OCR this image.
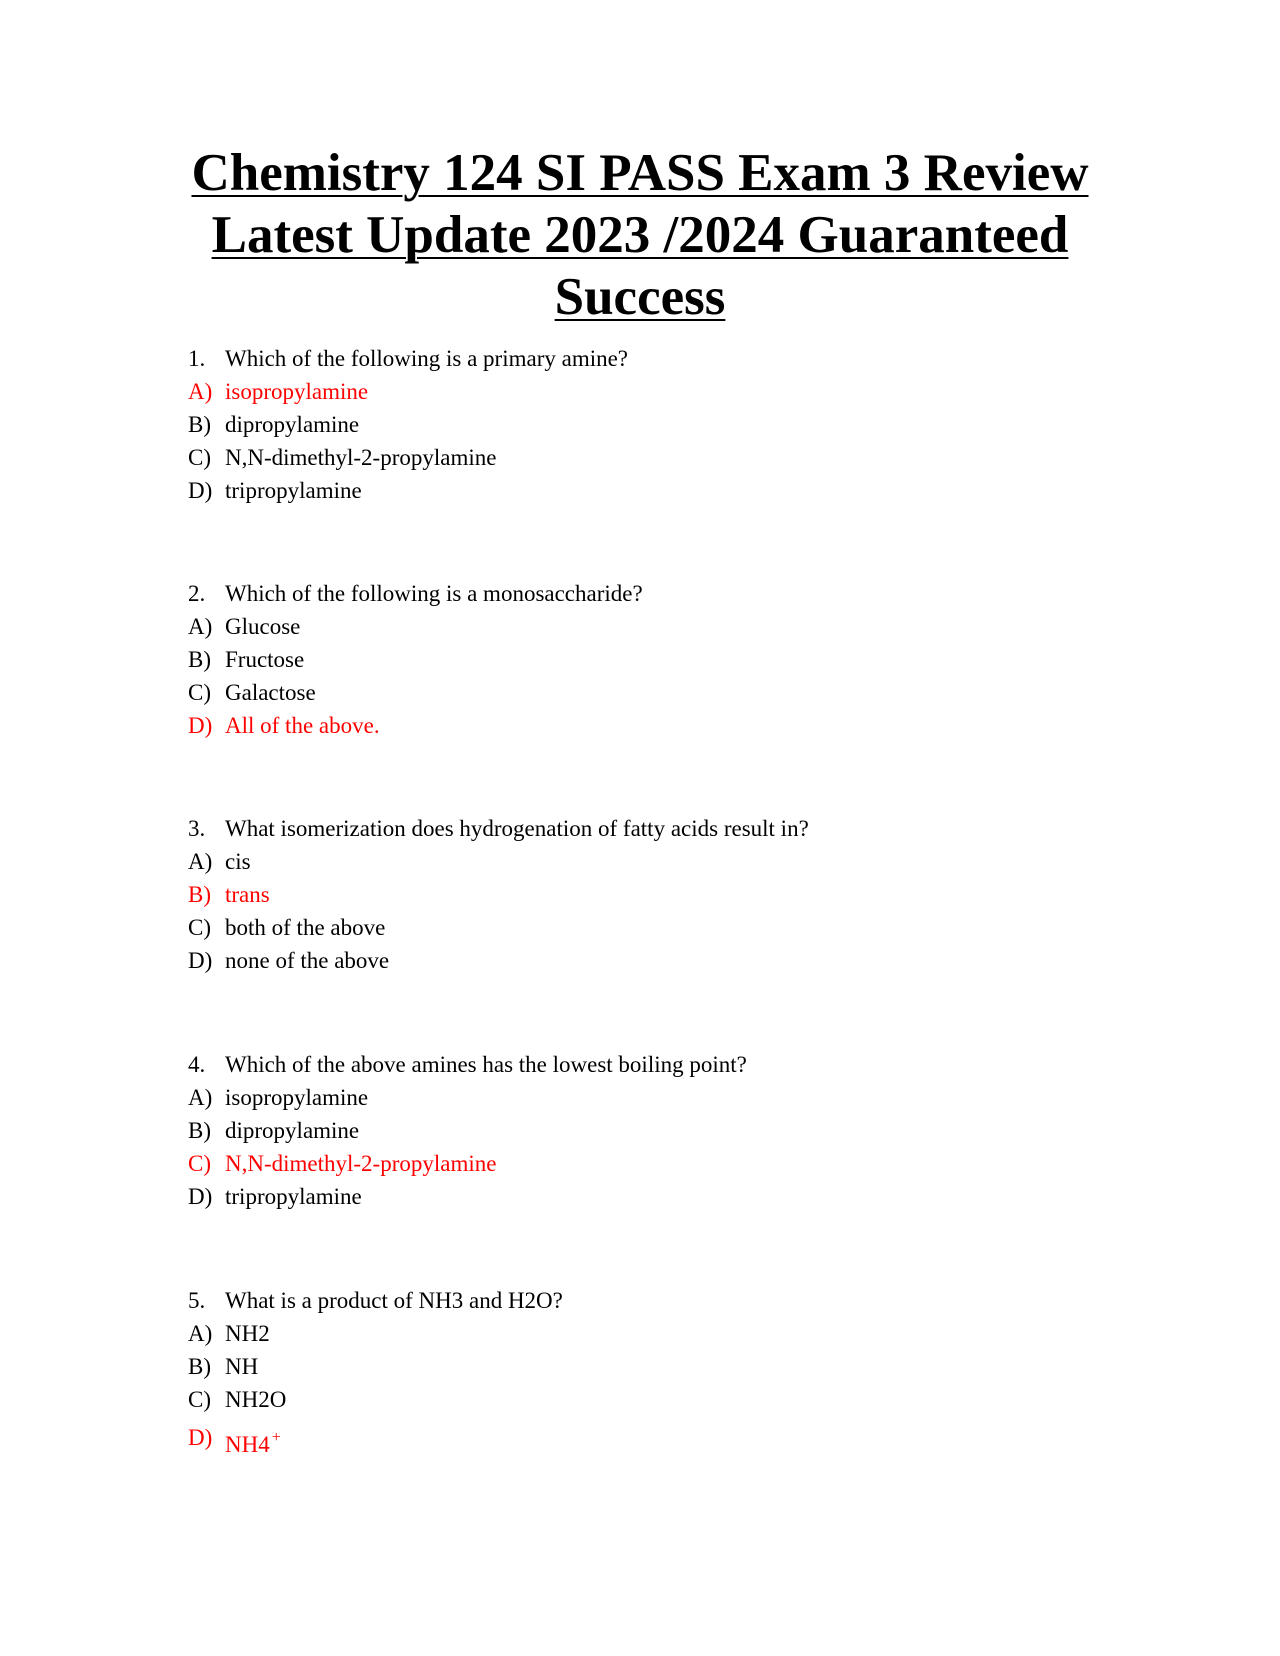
Chemistry 124 SI PASS Exam 3 Review
Latest Update 2023 /2024 Guaranteed
Success
1. Which of the following is a primary amine?
A) isopropylamine
B) dipropylamine
C) N,N-dimethyl-2-propylamine
D) tripropylamine
2. Which of the following is a monosaccharide?
A) Glucose
B) Fructose
C) Galactose
D) All of the above.
3. What isomerization does hydrogenation of fatty acids result in?
A) cis
B) trans
C) both of the above
D) none of the above
4. Which of the above amines has the lowest boiling point?
A) isopropylamine
B) dipropylamine
C) N,N-dimethyl-2-propylamine
D) tripropylamine
5. What is a product of NH3 and H2O?
A) NH2
B) NH
C) NH2O
D) NH4 +
